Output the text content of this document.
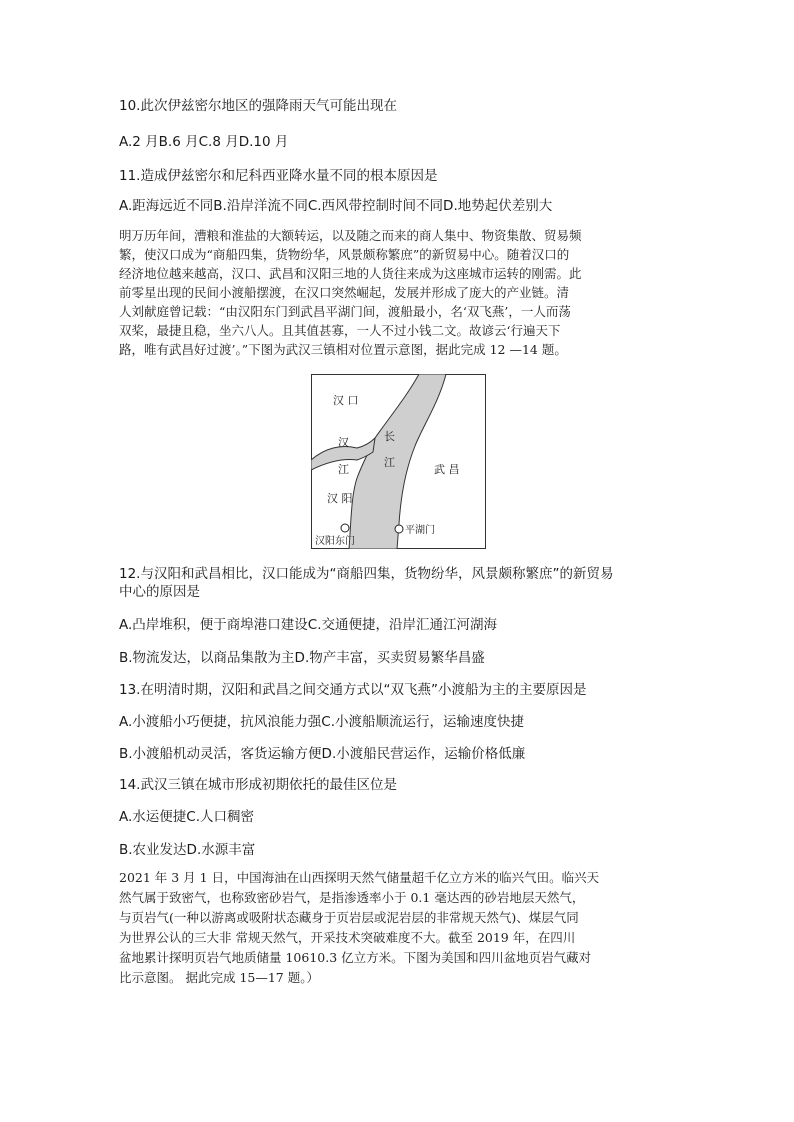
10.此次伊兹密尔地区的强降雨天气可能出现在
A.2 月B.6 月C.8 月D.10 月
11.造成伊兹密尔和尼科西亚降水量不同的根本原因是
A.距海远近不同B.沿岸洋流不同C.西风带控制时间不同D.地势起伏差别大
明万历年间，漕粮和淮盐的大额转运，以及随之而来的商人集中、物资集散、贸易频
繁，使汉口成为“商船四集，货物纷华，风景颇称繁庶”的新贸易中心。随着汉口的
经济地位越来越高，汉口、武昌和汉阳三地的人货往来成为这座城市运转的刚需。此
前零星出现的民间小渡船摆渡，在汉口突然崛起，发展并形成了庞大的产业链。清
人刘献庭曾记载：“由汉阳东门到武昌平湖门间，渡船最小，名‘双飞燕’，一人而荡
双桨，最捷且稳，坐六八人。且其值甚寡，一人不过小钱二文。故谚云‘行遍天下
路，唯有武昌好过渡’。”下图为武汉三镇相对位置示意图，据此完成 12 —14 题。
汉 口
汉
江
长
江
武 昌
汉 阳
汉阳东门
平湖门
12.与汉阳和武昌相比，汉口能成为“商船四集，货物纷华，风景颇称繁庶”的新贸易
中心的原因是
A.凸岸堆积，便于商埠港口建设C.交通便捷，沿岸汇通江河湖海
B.物流发达，以商品集散为主D.物产丰富，买卖贸易繁华昌盛
13.在明清时期，汉阳和武昌之间交通方式以“双飞燕”小渡船为主的主要原因是
A.小渡船小巧便捷，抗风浪能力强C.小渡船顺流运行，运输速度快捷
B.小渡船机动灵活，客货运输方便D.小渡船民营运作，运输价格低廉
14.武汉三镇在城市形成初期依托的最佳区位是
A.水运便捷C.人口稠密
B.农业发达D.水源丰富
2021 年 3 月 1 日，中国海油在山西探明天然气储量超千亿立方米的临兴气田。临兴天
然气属于致密气，也称致密砂岩气，是指渗透率小于 0.1 毫达西的砂岩地层天然气，
与页岩气(一种以游离或吸附状态藏身于页岩层或泥岩层的非常规天然气)、煤层气同
为世界公认的三大非 常规天然气，开采技术突破难度不大。截至 2019 年，在四川
盆地累计探明页岩气地质储量 10610.3 亿立方米。下图为美国和四川盆地页岩气藏对
比示意图。 据此完成 15—17 题。）
